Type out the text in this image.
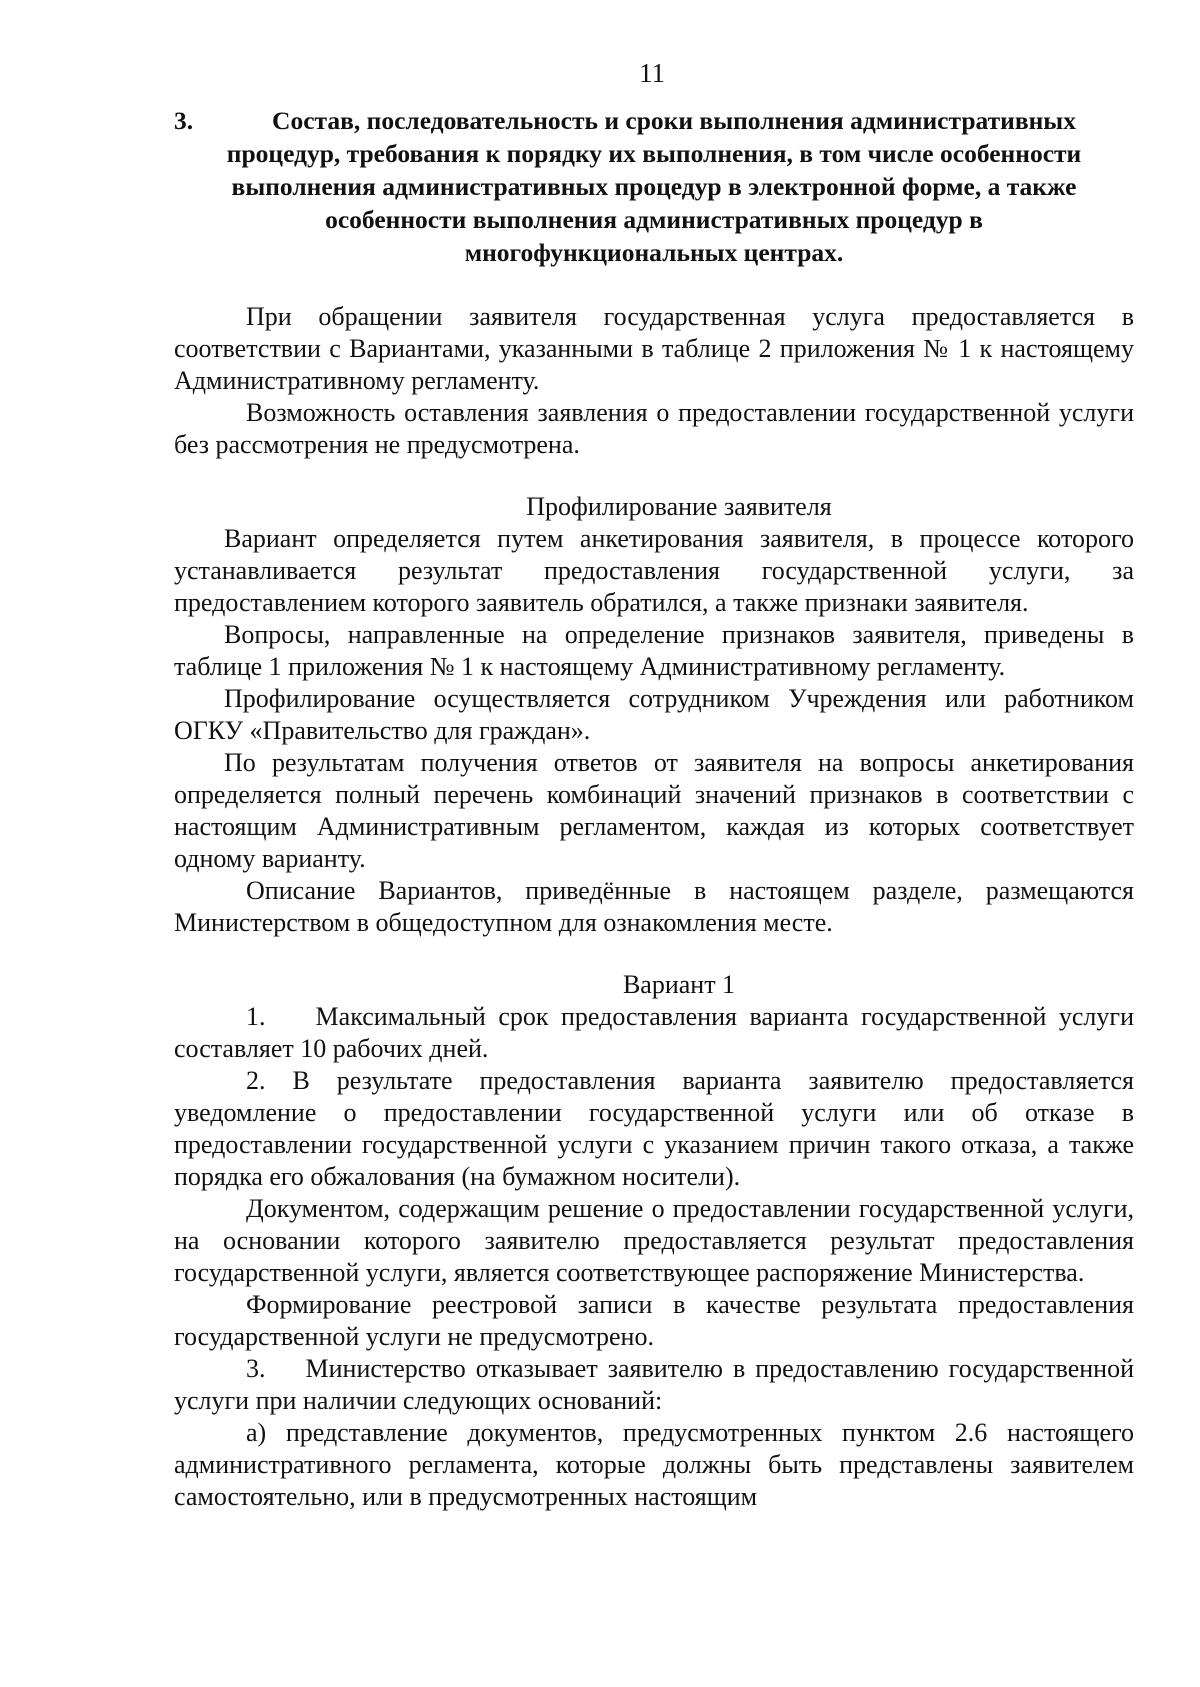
11
3.	Состав, последовательность и сроки выполнения административных
процедур, требования к порядку их выполнения, в том числе особенности
выполнения административных процедур в электронной форме, а также
особенности выполнения административных процедур в
многофункциональных центрах.

При обращении заявителя государственная услуга предоставляется в соответствии с Вариантами, указанными в таблице 2 приложения № 1 к настоящему Административному регламенту.

Возможность оставления заявления о предоставлении государственной услуги без рассмотрения не предусмотрена.

Профилирование заявителя

Вариант определяется путем анкетирования заявителя, в процессе которого устанавливается результат предоставления государственной услуги, за предоставлением которого заявитель обратился, а также признаки заявителя.

Вопросы, направленные на определение признаков заявителя, приведены в таблице 1 приложения № 1 к настоящему Административному регламенту.

Профилирование осуществляется сотрудником Учреждения или работником ОГКУ «Правительство для граждан».

По результатам получения ответов от заявителя на вопросы анкетирования определяется полный перечень комбинаций значений признаков в соответствии с настоящим Административным регламентом, каждая из которых соответствует одному варианту.

Описание Вариантов, приведённые в настоящем разделе, размещаются Министерством в общедоступном для ознакомления месте.

Вариант 1

1.    Максимальный срок предоставления варианта государственной услуги составляет 10 рабочих дней.

2. В результате предоставления варианта заявителю предоставляется уведомление о предоставлении государственной услуги или об отказе в предоставлении государственной услуги с указанием причин такого отказа, а также порядка его обжалования (на бумажном носители).

Документом, содержащим решение о предоставлении государственной услуги, на основании которого заявителю предоставляется результат предоставления государственной услуги, является соответствующее распоряжение Министерства.

Формирование реестровой записи в качестве результата предоставления государственной услуги не предусмотрено.

3.    Министерство отказывает заявителю в предоставлению государственной услуги при наличии следующих оснований:

а) представление документов, предусмотренных пунктом 2.6 настоящего административного регламента, которые должны быть представлены заявителем самостоятельно, или в предусмотренных настоящим
